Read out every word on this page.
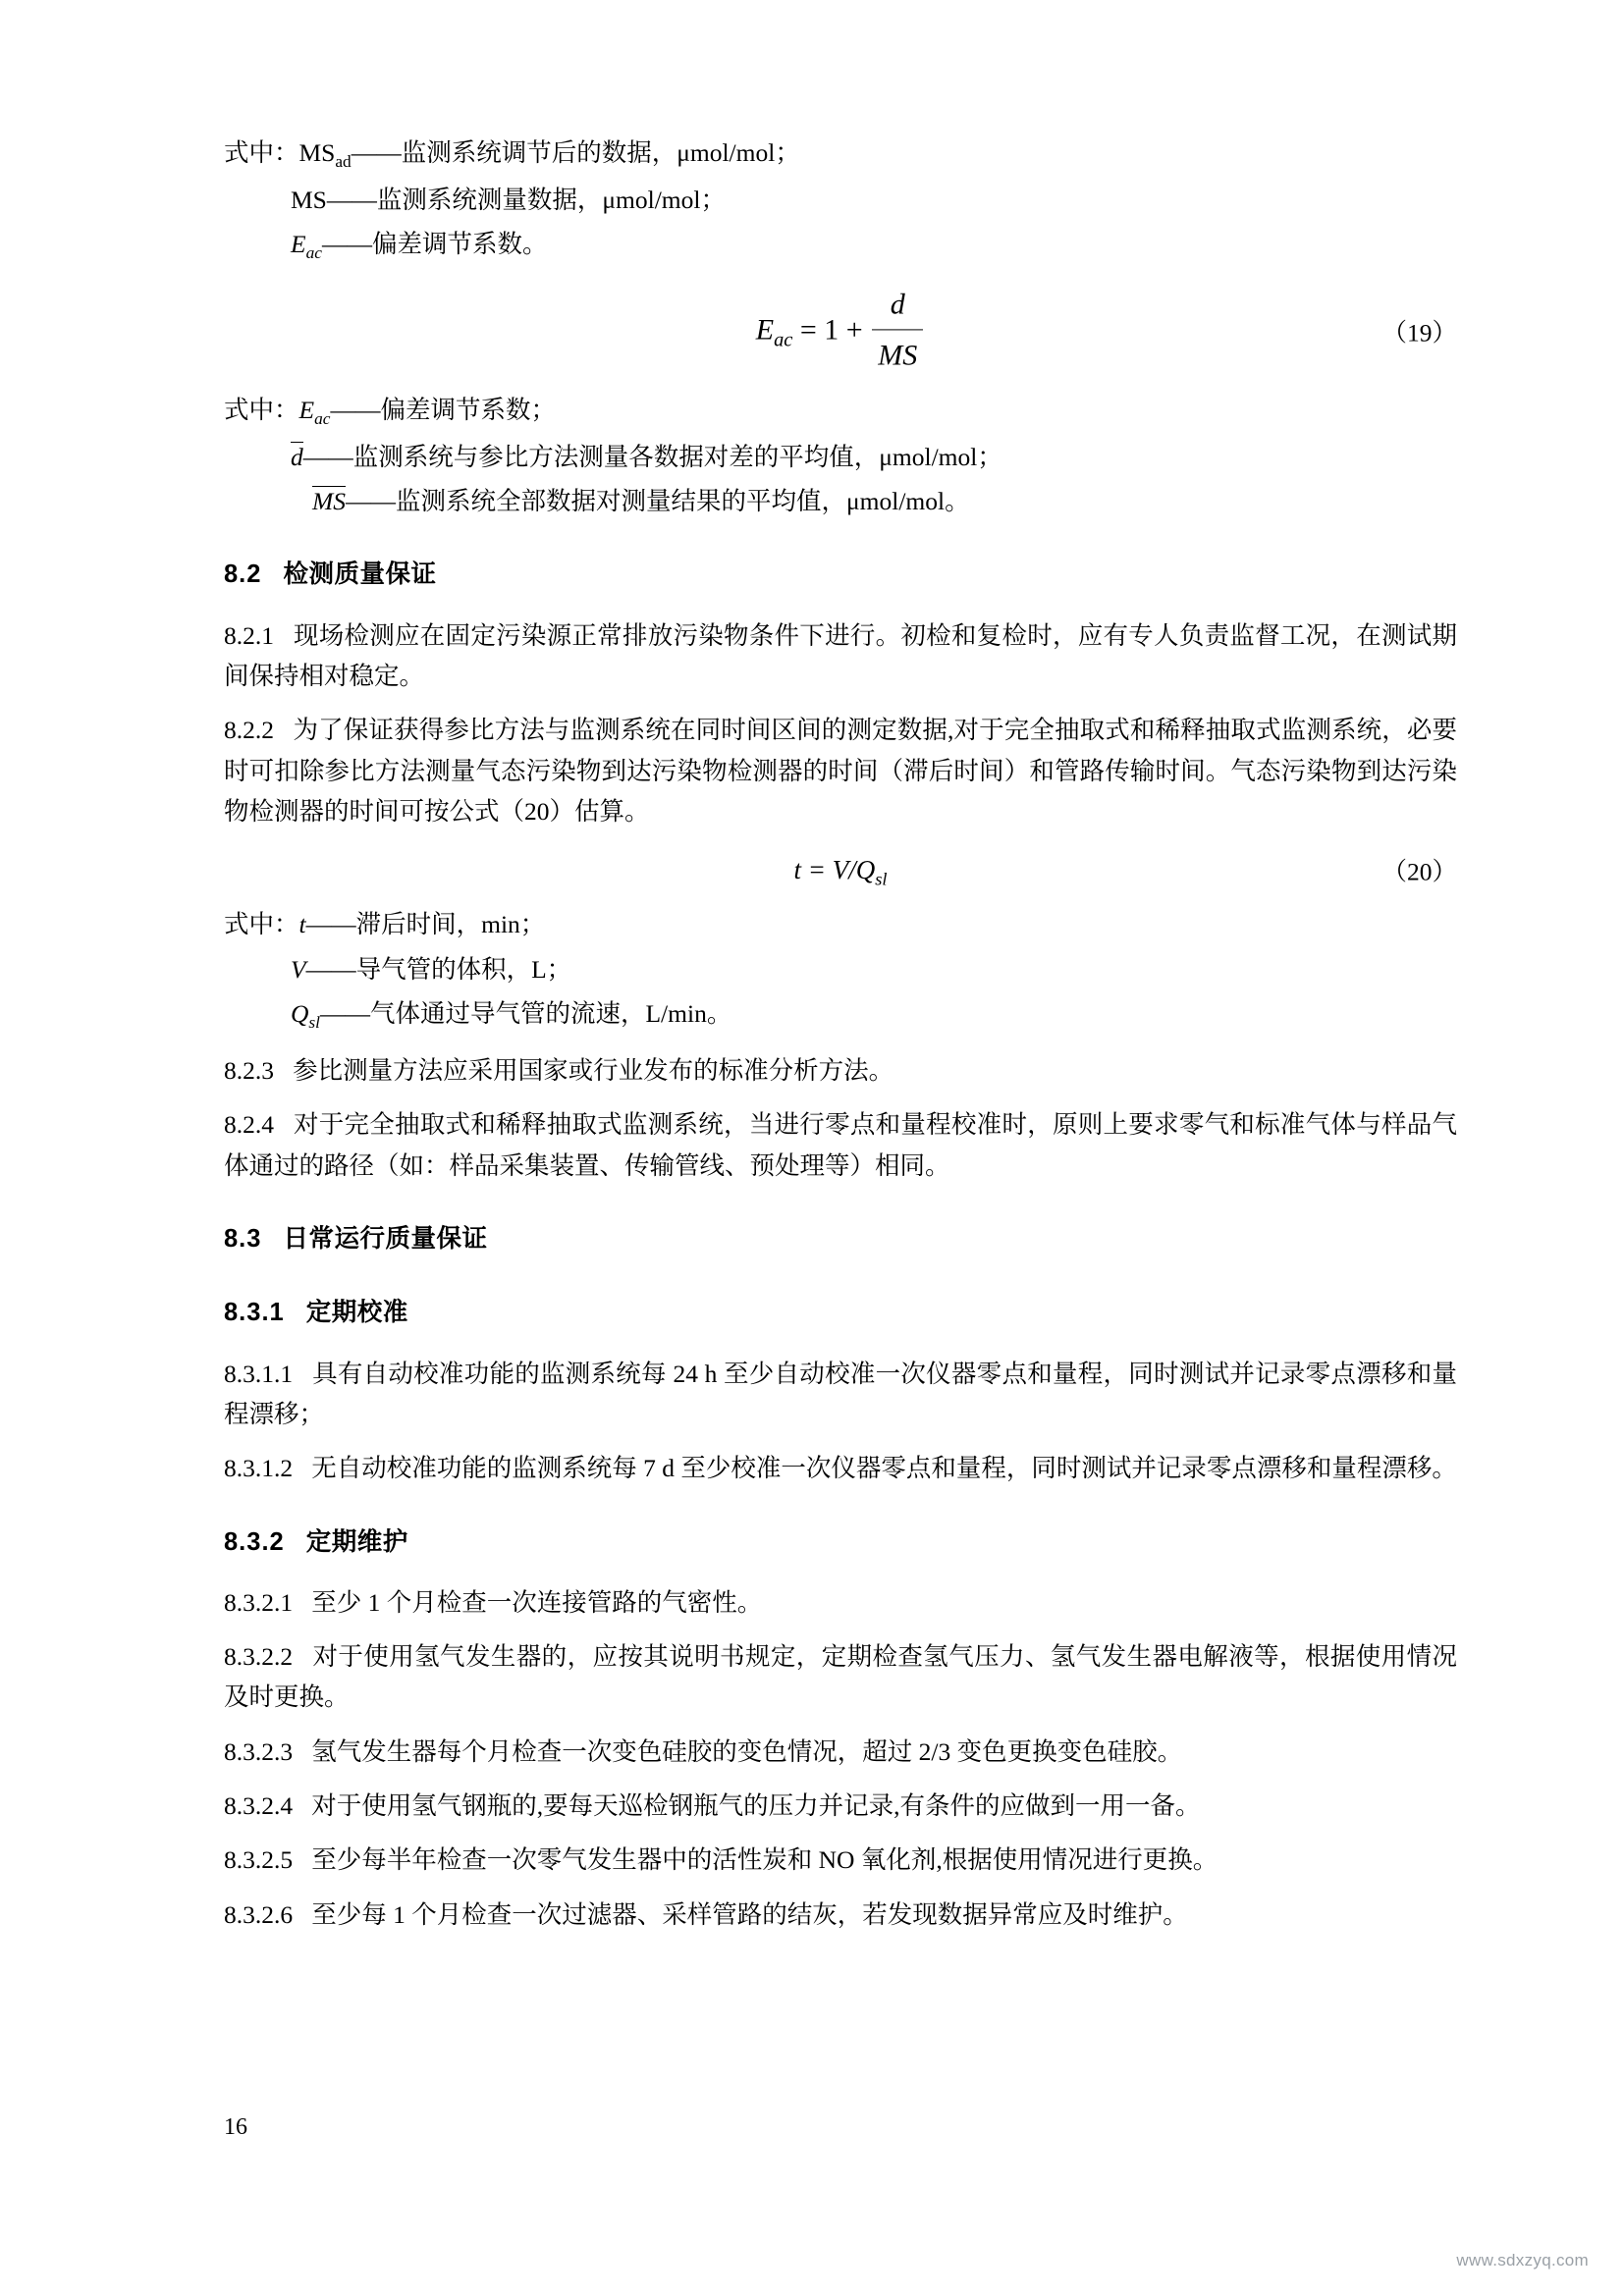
式中：$MS_{ad}——$监测系统调节后的数据，μmol/mol；

MS——监测系统测量数据，μmol/mol；

$E_{ac}——$偏差调节系数。

$E_{ac} = 1 + \frac{d}{MS}$	（19）

式中：$E_{ac}——$偏差调节系数；

d——监测系统与参比方法测量各数据对差的平均值，μmol/mol；

MS——监测系统全部数据对测量结果的平均值，μmol/mol。

8.2 检测质量保证

8.2.1 现场检测应在固定污染源正常排放污染物条件下进行。初检和复检时，应有专人负责监督工况，在测试期间保持相对稳定。

8.2.2 为了保证获得参比方法与监测系统在同时间区间的测定数据,对于完全抽取式和稀释抽取式监测系统，必要时可扣除参比方法测量气态污染物到达污染物检测器的时间（滞后时间）和管路传输时间。气态污染物到达污染物检测器的时间可按公式（20）估算。

$t = V/Q_{sl}$	（20）

式中：t——滞后时间，min；

V——导气管的体积，L；

$Q_{sl}——$气体通过导气管的流速，L/min。

8.2.3 参比测量方法应采用国家或行业发布的标准分析方法。

8.2.4 对于完全抽取式和稀释抽取式监测系统，当进行零点和量程校准时，原则上要求零气和标准气体与样品气体通过的路径（如：样品采集装置、传输管线、预处理等）相同。

8.3 日常运行质量保证
8.3.1 定期校准

8.3.1.1 具有自动校准功能的监测系统每 24 h 至少自动校准一次仪器零点和量程，同时测试并记录零点漂移和量程漂移；

8.3.1.2 无自动校准功能的监测系统每 7 d 至少校准一次仪器零点和量程，同时测试并记录零点漂移和量程漂移。

8.3.2 定期维护

8.3.2.1 至少 1 个月检查一次连接管路的气密性。

8.3.2.2 对于使用氢气发生器的，应按其说明书规定，定期检查氢气压力、氢气发生器电解液等，根据使用情况及时更换。

8.3.2.3 氢气发生器每个月检查一次变色硅胶的变色情况，超过 2/3 变色更换变色硅胶。

8.3.2.4 对于使用氢气钢瓶的,要每天巡检钢瓶气的压力并记录,有条件的应做到一用一备。

8.3.2.5 至少每半年检查一次零气发生器中的活性炭和 NO 氧化剂,根据使用情况进行更换。

8.3.2.6 至少每 1 个月检查一次过滤器、采样管路的结灰，若发现数据异常应及时维护。

16
www.sdxzyq.com
